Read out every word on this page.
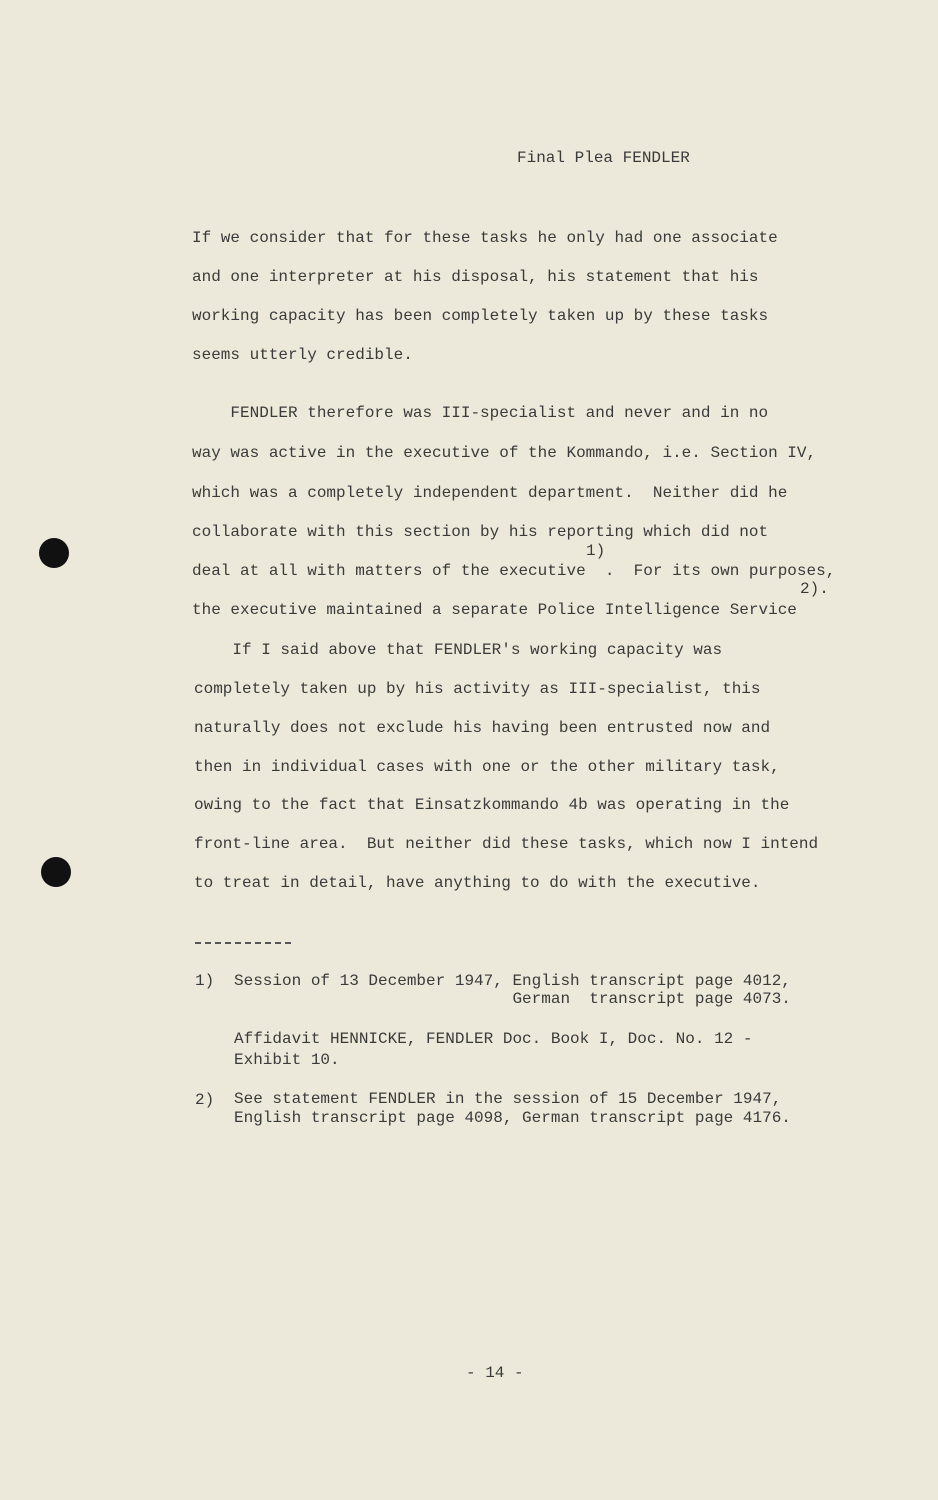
Final Plea FENDLER
If we consider that for these tasks he only had one associate
and one interpreter at his disposal, his statement that his
working capacity has been completely taken up by these tasks
seems utterly credible.
FENDLER therefore was III-specialist and never and in no
way was active in the executive of the Kommando, i.e. Section IV,
which was a completely independent department.  Neither did he
collaborate with this section by his reporting which did not
1)
deal at all with matters of the executive  .  For its own purposes,
2).
the executive maintained a separate Police Intelligence Service
If I said above that FENDLER's working capacity was
completely taken up by his activity as III-specialist, this
naturally does not exclude his having been entrusted now and
then in individual cases with one or the other military task,
owing to the fact that Einsatzkommando 4b was operating in the
front-line area.  But neither did these tasks, which now I intend
to treat in detail, have anything to do with the executive.
1) Session of 13 December 1947, English transcript page 4012,
German  transcript page 4073.
Affidavit HENNICKE, FENDLER Doc. Book I, Doc. No. 12 -
Exhibit 10.
2) See statement FENDLER in the session of 15 December 1947,
English transcript page 4098, German transcript page 4176.
- 14 -
